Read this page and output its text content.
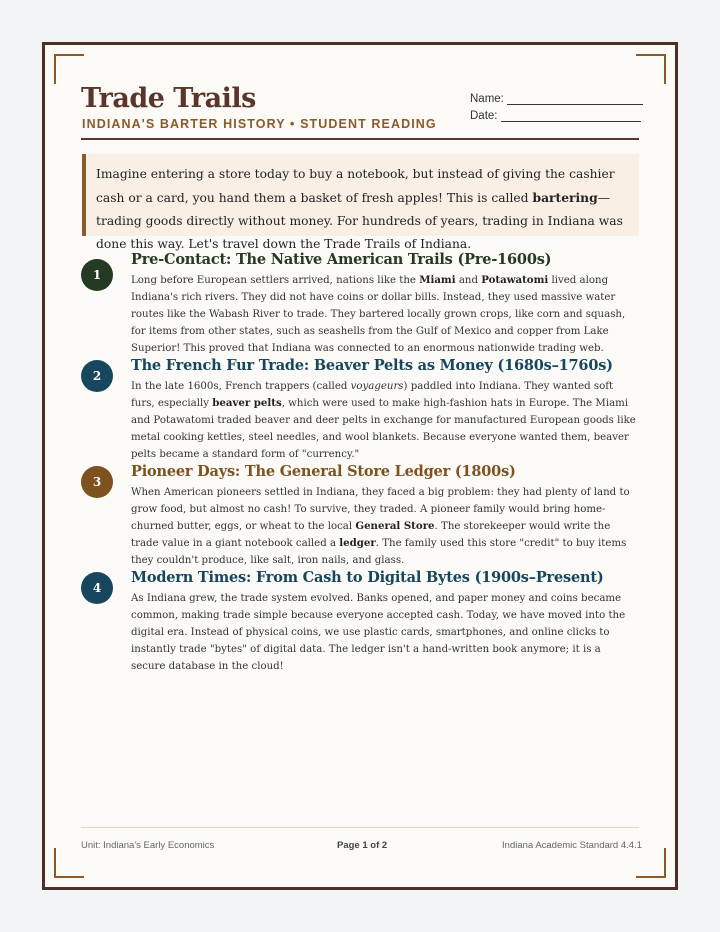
Trade Trails
INDIANA'S BARTER HISTORY • STUDENT READING
Name:
Date:
Imagine entering a store today to buy a notebook, but instead of giving the cashier cash or a card, you hand them a basket of fresh apples! This is called bartering—trading goods directly without money. For hundreds of years, trading in Indiana was done this way. Let's travel down the Trade Trails of Indiana.
1
Pre-Contact: The Native American Trails (Pre-1600s)
Long before European settlers arrived, nations like the Miami and Potawatomi lived along Indiana's rich rivers. They did not have coins or dollar bills. Instead, they used massive water routes like the Wabash River to trade. They bartered locally grown crops, like corn and squash, for items from other states, such as seashells from the Gulf of Mexico and copper from Lake Superior! This proved that Indiana was connected to an enormous nationwide trading web.
2
The French Fur Trade: Beaver Pelts as Money (1680s–1760s)
In the late 1600s, French trappers (called voyageurs) paddled into Indiana. They wanted soft furs, especially beaver pelts, which were used to make high-fashion hats in Europe. The Miami and Potawatomi traded beaver and deer pelts in exchange for manufactured European goods like metal cooking kettles, steel needles, and wool blankets. Because everyone wanted them, beaver pelts became a standard form of "currency."
3
Pioneer Days: The General Store Ledger (1800s)
When American pioneers settled in Indiana, they faced a big problem: they had plenty of land to grow food, but almost no cash! To survive, they traded. A pioneer family would bring home-churned butter, eggs, or wheat to the local General Store. The storekeeper would write the trade value in a giant notebook called a ledger. The family used this store "credit" to buy items they couldn't produce, like salt, iron nails, and glass.
4
Modern Times: From Cash to Digital Bytes (1900s–Present)
As Indiana grew, the trade system evolved. Banks opened, and paper money and coins became common, making trade simple because everyone accepted cash. Today, we have moved into the digital era. Instead of physical coins, we use plastic cards, smartphones, and online clicks to instantly trade "bytes" of digital data. The ledger isn't a hand-written book anymore; it is a secure database in the cloud!
Unit: Indiana's Early Economics	Page 1 of 2	Indiana Academic Standard 4.4.1
